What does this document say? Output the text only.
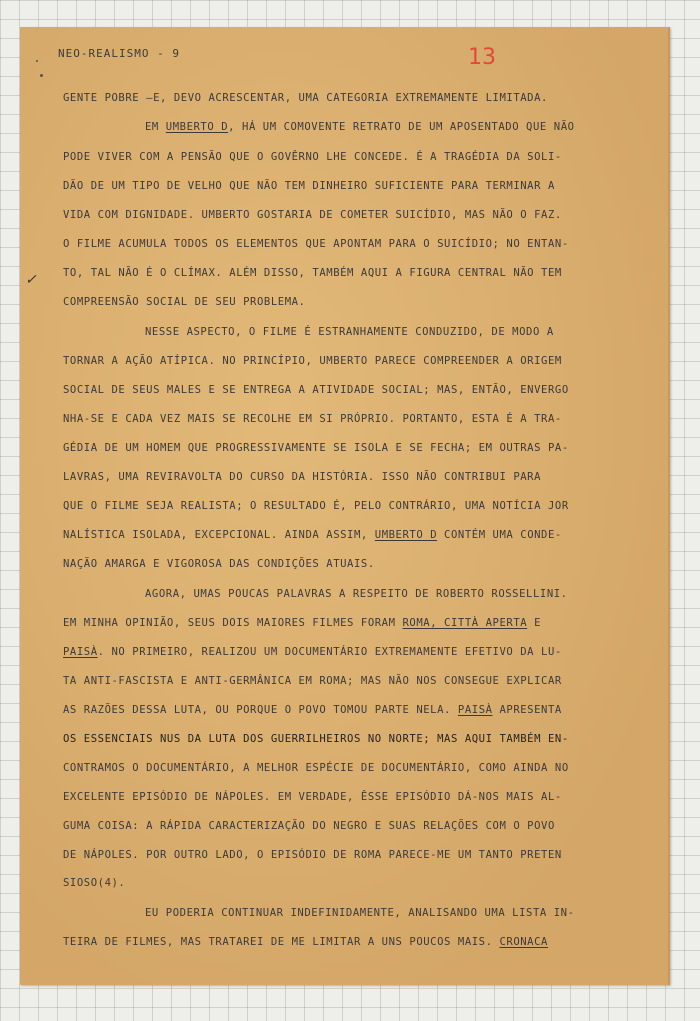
NEO-REALISMO - 9	13
✓
GENTE POBRE —E, DEVO ACRESCENTAR, UMA CATEGORIA EXTREMAMENTE LIMITADA.
EM UMBERTO D, HÁ UM COMOVENTE RETRATO DE UM APOSENTADO QUE NÃO
PODE VIVER COM A PENSÃO QUE O GOVÊRNO LHE CONCEDE. É A TRAGÉDIA DA SOLI-
DÃO DE UM TIPO DE VELHO QUE NÃO TEM DINHEIRO SUFICIENTE PARA TERMINAR A
VIDA COM DIGNIDADE. UMBERTO GOSTARIA DE COMETER SUICÍDIO, MAS NÃO O FAZ.
O FILME ACUMULA TODOS OS ELEMENTOS QUE APONTAM PARA O SUICÍDIO; NO ENTAN-
TO, TAL NÃO É O CLÍMAX. ALÉM DISSO, TAMBÉM AQUI A FIGURA CENTRAL NÃO TEM
COMPREENSÃO SOCIAL DE SEU PROBLEMA.
NESSE ASPECTO, O FILME É ESTRANHAMENTE CONDUZIDO, DE MODO A
TORNAR A AÇÃO ATÍPICA. NO PRINCÍPIO, UMBERTO PARECE COMPREENDER A ORIGEM
SOCIAL DE SEUS MALES E SE ENTREGA A ATIVIDADE SOCIAL; MAS, ENTÃO, ENVERGO
NHA-SE E CADA VEZ MAIS SE RECOLHE EM SI PRÓPRIO. PORTANTO, ESTA É A TRA-
GÉDIA DE UM HOMEM QUE PROGRESSIVAMENTE SE ISOLA E SE FECHA; EM OUTRAS PA-
LAVRAS, UMA REVIRAVOLTA DO CURSO DA HISTÓRIA. ISSO NÃO CONTRIBUI PARA
QUE O FILME SEJA REALISTA; O RESULTADO É, PELO CONTRÁRIO, UMA NOTÍCIA JOR
NALÍSTICA ISOLADA, EXCEPCIONAL. AINDA ASSIM, UMBERTO D CONTÉM UMA CONDE-
NAÇÃO AMARGA E VIGOROSA DAS CONDIÇÕES ATUAIS.
AGORA, UMAS POUCAS PALAVRAS A RESPEITO DE ROBERTO ROSSELLINI.
EM MINHA OPINIÃO, SEUS DOIS MAIORES FILMES FORAM ROMA, CITTÀ APERTA E
PAISÀ. NO PRIMEIRO, REALIZOU UM DOCUMENTÁRIO EXTREMAMENTE EFETIVO DA LU-
TA ANTI-FASCISTA E ANTI-GERMÂNICA EM ROMA; MAS NÃO NOS CONSEGUE EXPLICAR
AS RAZÕES DESSA LUTA, OU PORQUE O POVO TOMOU PARTE NELA. PAISÀ APRESENTA
OS ESSENCIAIS NUS DA LUTA DOS GUERRILHEIROS NO NORTE; MAS AQUI TAMBÉM EN-
CONTRAMOS O DOCUMENTÁRIO, A MELHOR ESPÉCIE DE DOCUMENTÁRIO, COMO AINDA NO
EXCELENTE EPISÓDIO DE NÁPOLES. EM VERDADE, ÊSSE EPISÓDIO DÁ-NOS MAIS AL-
GUMA COISA: A RÁPIDA CARACTERIZAÇÃO DO NEGRO E SUAS RELAÇÕES COM O POVO
DE NÁPOLES. POR OUTRO LADO, O EPISÓDIO DE ROMA PARECE-ME UM TANTO PRETEN
SIOSO(4).
EU PODERIA CONTINUAR INDEFINIDAMENTE, ANALISANDO UMA LISTA IN-
TEIRA DE FILMES, MAS TRATAREI DE ME LIMITAR A UNS POUCOS MAIS. CRONACA
